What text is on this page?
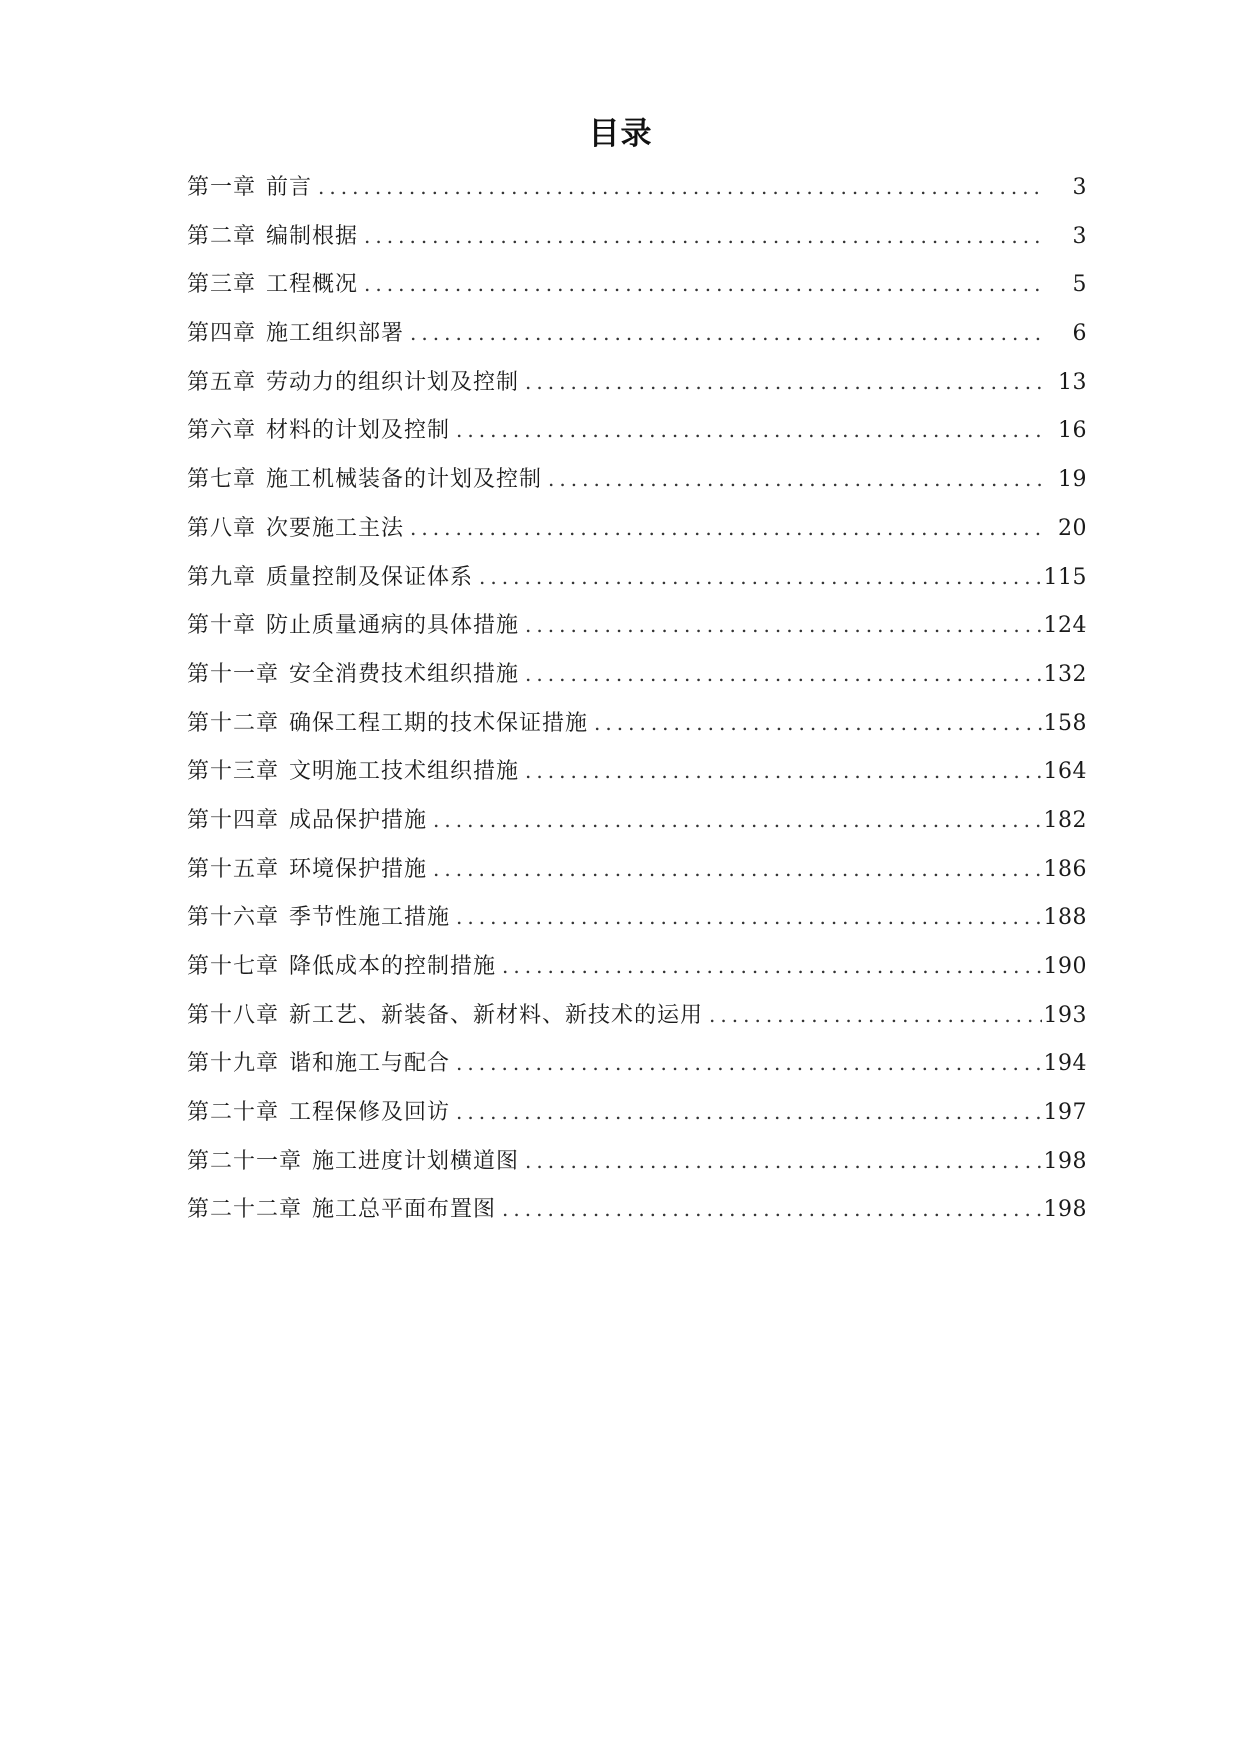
目录
第一章 前言 .....	3
第二章 编制根据 .....	3
第三章 工程概况 .....	5
第四章 施工组织部署 .....	6
第五章 劳动力的组织计划及控制 .....	13
第六章 材料的计划及控制 .....	16
第七章 施工机械装备的计划及控制 .....	19
第八章 次要施工主法 .....	20
第九章 质量控制及保证体系 .....	115
第十章 防止质量通病的具体措施 .....	124
第十一章 安全消费技术组织措施 .....	132
第十二章 确保工程工期的技术保证措施 .....	158
第十三章 文明施工技术组织措施 .....	164
第十四章 成品保护措施 .....	182
第十五章 环境保护措施 .....	186
第十六章 季节性施工措施 .....	188
第十七章 降低成本的控制措施 .....	190
第十八章 新工艺、新装备、新材料、新技术的运用 .....	193
第十九章 谐和施工与配合 .....	194
第二十章 工程保修及回访 .....	197
第二十一章 施工进度计划横道图 .....	198
第二十二章 施工总平面布置图 .....	198
